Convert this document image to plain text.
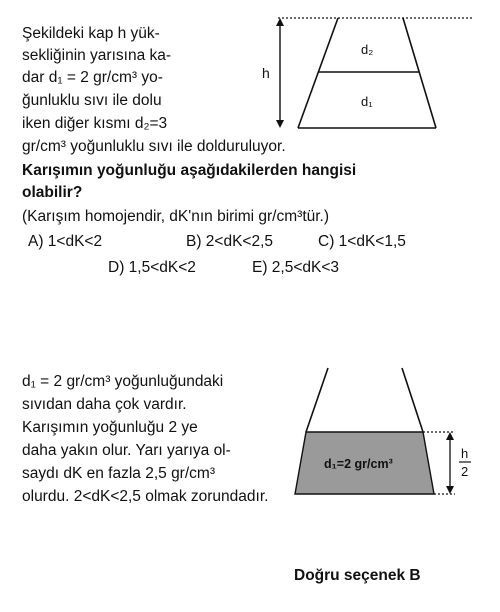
Şekildeki kap h yük-
sekliğinin yarısına ka-
dar d₁ = 2 gr/cm³ yo-
ğunluklu sıvı ile dolu
iken diğer kısmı d₂=3
gr/cm³ yoğunluklu sıvı ile dolduruluyor.
Karışımın yoğunluğu aşağıdakilerden hangisi
olabilir?
(Karışım homojendir, dK'nın birimi gr/cm³tür.)
A) 1<dK<2	B) 2<dK<2,5	C) 1<dK<1,5
D) 1,5<dK<2	E) 2,5<dK<3
h
d₂
d₁
d₁ = 2 gr/cm³ yoğunluğundaki
sıvıdan daha çok vardır.
Karışımın yoğunluğu 2 ye
daha yakın olur. Yarı yarıya ol-
saydı dK en fazla 2,5 gr/cm³
olurdu. 2<dK<2,5 olmak zorundadır.
d₁=2 gr/cm³
h
2
Doğru seçenek B
